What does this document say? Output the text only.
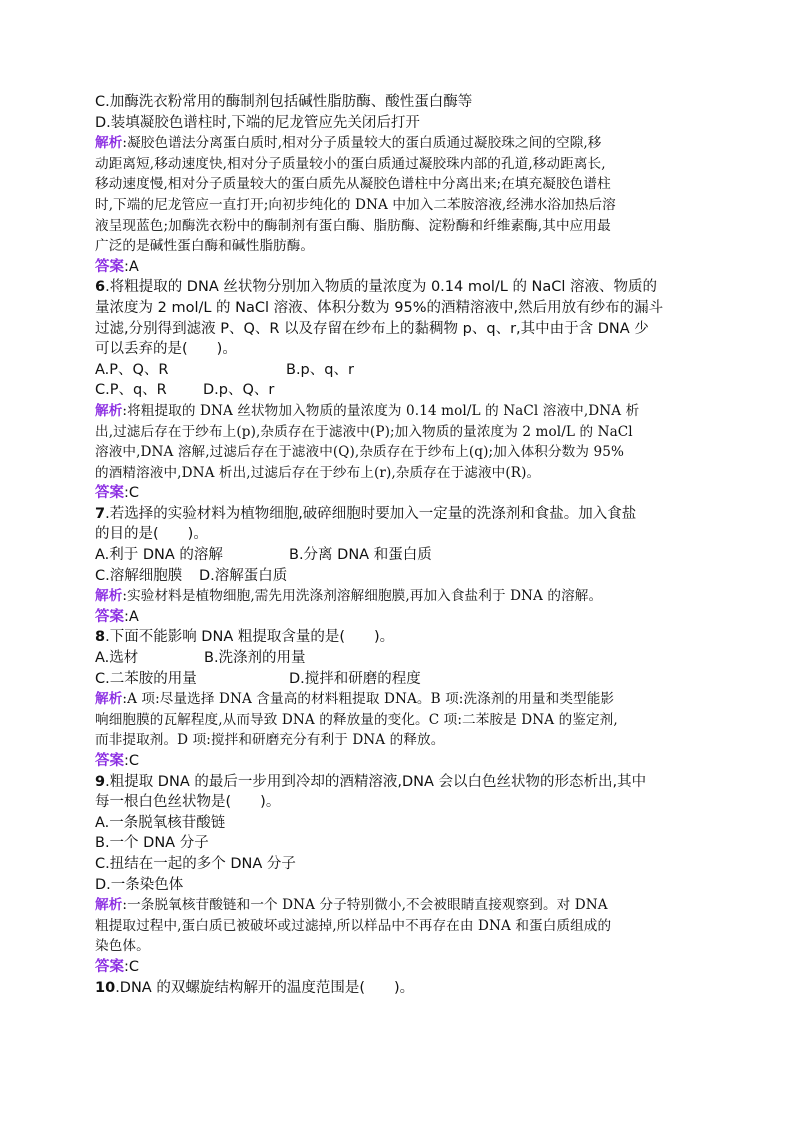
C.加酶洗衣粉常用的酶制剂包括碱性脂肪酶、酸性蛋白酶等
D.装填凝胶色谱柱时,下端的尼龙管应先关闭后打开
解析:凝胶色谱法分离蛋白质时,相对分子质量较大的蛋白质通过凝胶珠之间的空隙,移
动距离短,移动速度快,相对分子质量较小的蛋白质通过凝胶珠内部的孔道,移动距离长,
移动速度慢,相对分子质量较大的蛋白质先从凝胶色谱柱中分离出来;在填充凝胶色谱柱
时,下端的尼龙管应一直打开;向初步纯化的 DNA 中加入二苯胺溶液,经沸水浴加热后溶
液呈现蓝色;加酶洗衣粉中的酶制剂有蛋白酶、脂肪酶、淀粉酶和纤维素酶,其中应用最
广泛的是碱性蛋白酶和碱性脂肪酶。
答案:A
6.将粗提取的 DNA 丝状物分别加入物质的量浓度为 0.14 mol/L 的 NaCl 溶液、物质的
量浓度为 2 mol/L 的 NaCl 溶液、体积分数为 95%的酒精溶液中,然后用放有纱布的漏斗
过滤,分别得到滤液 P、Q、R 以及存留在纱布上的黏稠物 p、q、r,其中由于含 DNA 少
可以丢弃的是(　　)。
A.P、Q、R	B.p、q、r
C.P、q、R	D.p、Q、r
解析:将粗提取的 DNA 丝状物加入物质的量浓度为 0.14 mol/L 的 NaCl 溶液中,DNA 析
出,过滤后存在于纱布上(p),杂质存在于滤液中(P);加入物质的量浓度为 2 mol/L 的 NaCl
溶液中,DNA 溶解,过滤后存在于滤液中(Q),杂质存在于纱布上(q);加入体积分数为 95%
的酒精溶液中,DNA 析出,过滤后存在于纱布上(r),杂质存在于滤液中(R)。
答案:C
7.若选择的实验材料为植物细胞,破碎细胞时要加入一定量的洗涤剂和食盐。加入食盐
的目的是(　　)。
A.利于 DNA 的溶解	B.分离 DNA 和蛋白质
C.溶解细胞膜	D.溶解蛋白质
解析:实验材料是植物细胞,需先用洗涤剂溶解细胞膜,再加入食盐利于 DNA 的溶解。
答案:A
8.下面不能影响 DNA 粗提取含量的是(　　)。
A.选材	B.洗涤剂的用量
C.二苯胺的用量	D.搅拌和研磨的程度
解析:A 项:尽量选择 DNA 含量高的材料粗提取 DNA。B 项:洗涤剂的用量和类型能影
响细胞膜的瓦解程度,从而导致 DNA 的释放量的变化。C 项:二苯胺是 DNA 的鉴定剂,
而非提取剂。D 项:搅拌和研磨充分有利于 DNA 的释放。
答案:C
9.粗提取 DNA 的最后一步用到冷却的酒精溶液,DNA 会以白色丝状物的形态析出,其中
每一根白色丝状物是(　　)。
A.一条脱氧核苷酸链
B.一个 DNA 分子
C.扭结在一起的多个 DNA 分子
D.一条染色体
解析:一条脱氧核苷酸链和一个 DNA 分子特别微小,不会被眼睛直接观察到。对 DNA
粗提取过程中,蛋白质已被破坏或过滤掉,所以样品中不再存在由 DNA 和蛋白质组成的
染色体。
答案:C
10.DNA 的双螺旋结构解开的温度范围是(　　)。
